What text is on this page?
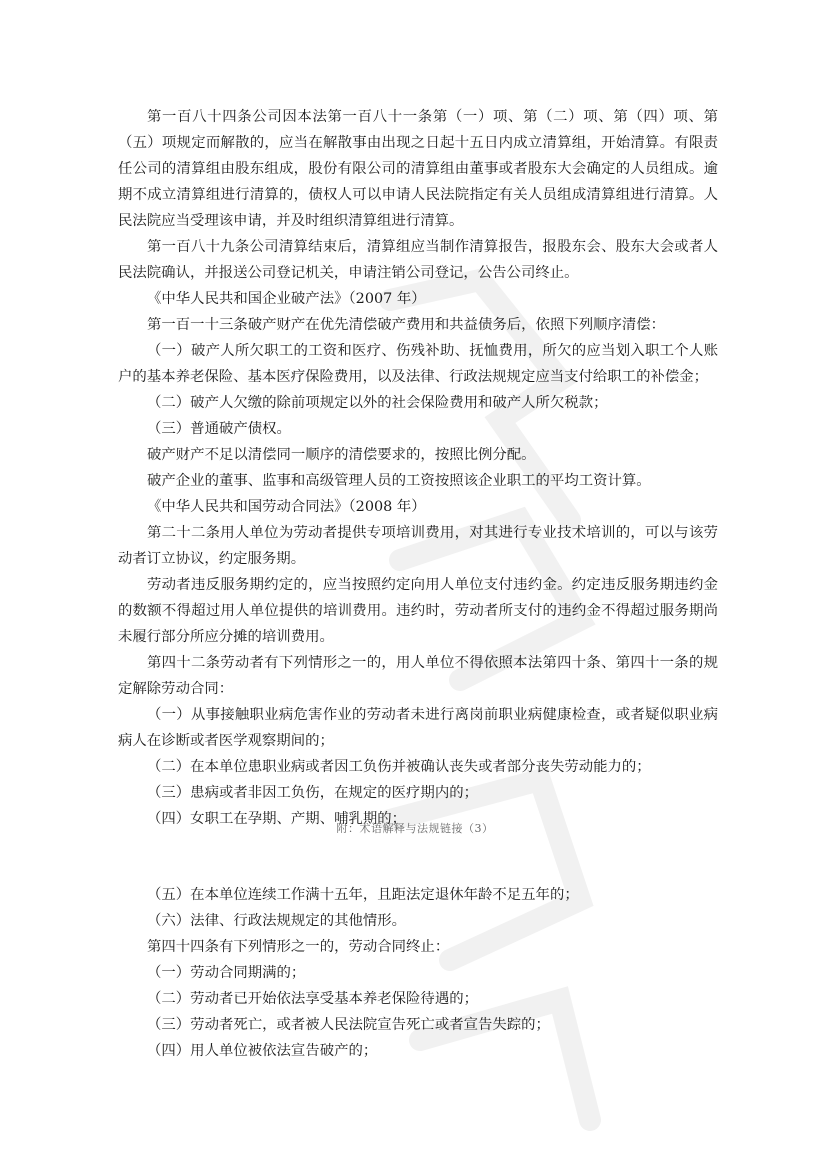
第一百八十四条公司因本法第一百八十一条第（一）项、第（二）项、第（四）项、第（五）项规定而解散的，应当在解散事由出现之日起十五日内成立清算组，开始清算。有限责任公司的清算组由股东组成，股份有限公司的清算组由董事或者股东大会确定的人员组成。逾期不成立清算组进行清算的，债权人可以申请人民法院指定有关人员组成清算组进行清算。人民法院应当受理该申请，并及时组织清算组进行清算。

第一百八十九条公司清算结束后，清算组应当制作清算报告，报股东会、股东大会或者人民法院确认，并报送公司登记机关，申请注销公司登记，公告公司终止。

《中华人民共和国企业破产法》（2007 年）

第一百一十三条破产财产在优先清偿破产费用和共益债务后，依照下列顺序清偿：

（一）破产人所欠职工的工资和医疗、伤残补助、抚恤费用，所欠的应当划入职工个人账户的基本养老保险、基本医疗保险费用，以及法律、行政法规规定应当支付给职工的补偿金；

（二）破产人欠缴的除前项规定以外的社会保险费用和破产人所欠税款；

（三）普通破产债权。

破产财产不足以清偿同一顺序的清偿要求的，按照比例分配。

破产企业的董事、监事和高级管理人员的工资按照该企业职工的平均工资计算。

《中华人民共和国劳动合同法》（2008 年）

第二十二条用人单位为劳动者提供专项培训费用，对其进行专业技术培训的，可以与该劳动者订立协议，约定服务期。

劳动者违反服务期约定的，应当按照约定向用人单位支付违约金。约定违反服务期违约金的数额不得超过用人单位提供的培训费用。违约时，劳动者所支付的违约金不得超过服务期尚未履行部分所应分摊的培训费用。

第四十二条劳动者有下列情形之一的，用人单位不得依照本法第四十条、第四十一条的规定解除劳动合同：

（一）从事接触职业病危害作业的劳动者未进行离岗前职业病健康检查，或者疑似职业病病人在诊断或者医学观察期间的；

（二）在本单位患职业病或者因工负伤并被确认丧失或者部分丧失劳动能力的；

（三）患病或者非因工负伤，在规定的医疗期内的；

（四）女职工在孕期、产期、哺乳期的；

附：术语解释与法规链接（3）

（五）在本单位连续工作满十五年，且距法定退休年龄不足五年的；

（六）法律、行政法规规定的其他情形。

第四十四条有下列情形之一的，劳动合同终止：

（一）劳动合同期满的；

（二）劳动者已开始依法享受基本养老保险待遇的；

（三）劳动者死亡，或者被人民法院宣告死亡或者宣告失踪的；

（四）用人单位被依法宣告破产的；
